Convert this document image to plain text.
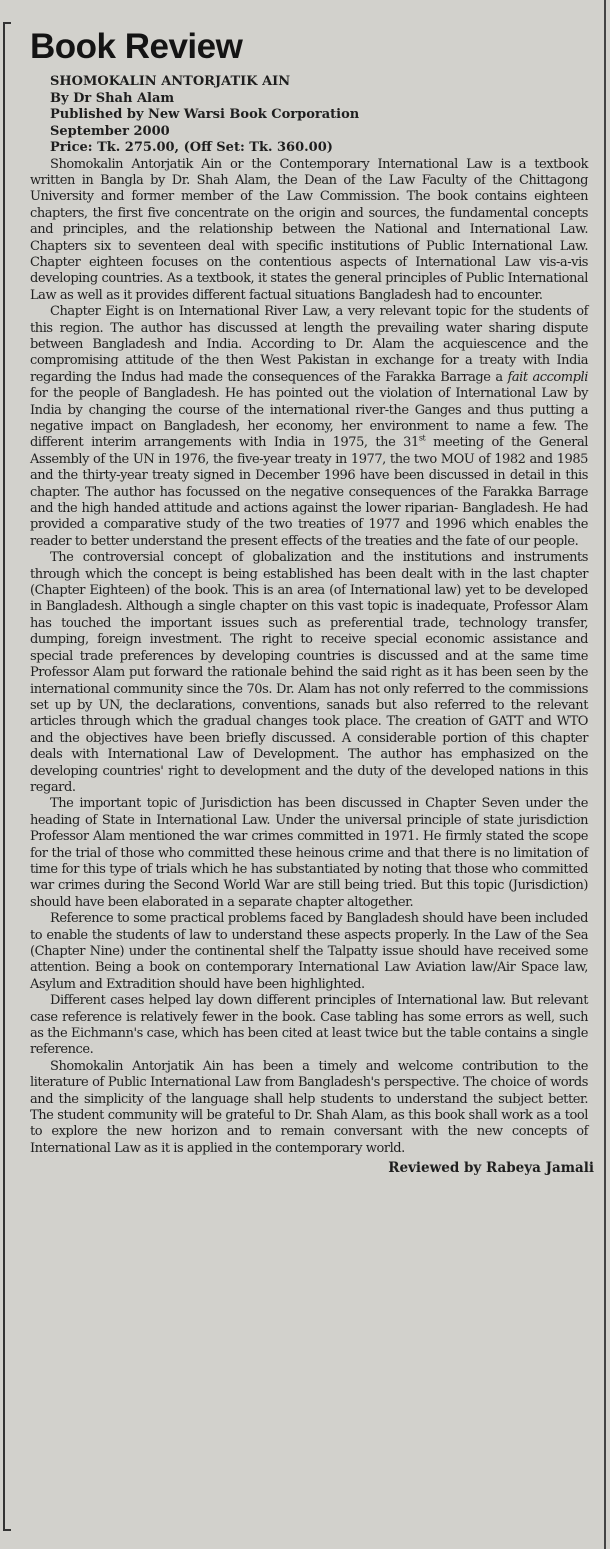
Book Review
SHOMOKALIN ANTORJATIK AIN
By Dr Shah Alam
Published by New Warsi Book Corporation
September 2000
Price: Tk. 275.00, (Off Set: Tk. 360.00)

Shomokalin Antorjatik Ain or the Contemporary International Law is a textbook written in Bangla by Dr. Shah Alam, the Dean of the Law Faculty of the Chittagong University and former member of the Law Commission. The book contains eighteen chapters, the first five concentrate on the origin and sources, the fundamental concepts and principles, and the relationship between the National and International Law. Chapters six to seventeen deal with specific institutions of Public International Law. Chapter eighteen focuses on the contentious aspects of International Law vis-a-vis developing countries. As a textbook, it states the general principles of Public International Law as well as it provides different factual situations Bangladesh had to encounter.

Chapter Eight is on International River Law, a very relevant topic for the students of this region. The author has discussed at length the prevailing water sharing dispute between Bangladesh and India. According to Dr. Alam the acquiescence and the compromising attitude of the then West Pakistan in exchange for a treaty with India regarding the Indus had made the consequences of the Farakka Barrage a fait accompli for the people of Bangladesh. He has pointed out the violation of International Law by India by changing the course of the international river-the Ganges and thus putting a negative impact on Bangladesh, her economy, her environment to name a few. The different interim arrangements with India in 1975, the 31st meeting of the General Assembly of the UN in 1976, the five-year treaty in 1977, the two MOU of 1982 and 1985 and the thirty-year treaty signed in December 1996 have been discussed in detail in this chapter. The author has focussed on the negative consequences of the Farakka Barrage and the high handed attitude and actions against the lower riparian- Bangladesh. He had provided a comparative study of the two treaties of 1977 and 1996 which enables the reader to better understand the present effects of the treaties and the fate of our people.

The controversial concept of globalization and the institutions and instruments through which the concept is being established has been dealt with in the last chapter (Chapter Eighteen) of the book. This is an area (of International law) yet to be developed in Bangladesh. Although a single chapter on this vast topic is inadequate, Professor Alam has touched the important issues such as preferential trade, technology transfer, dumping, foreign investment. The right to receive special economic assistance and special trade preferences by developing countries is discussed and at the same time Professor Alam put forward the rationale behind the said right as it has been seen by the international community since the 70s. Dr. Alam has not only referred to the commissions set up by UN, the declarations, conventions, sanads but also referred to the relevant articles through which the gradual changes took place. The creation of GATT and WTO and the objectives have been briefly discussed. A considerable portion of this chapter deals with International Law of Development. The author has emphasized on the developing countries' right to development and the duty of the developed nations in this regard.

The important topic of Jurisdiction has been discussed in Chapter Seven under the heading of State in International Law. Under the universal principle of state jurisdiction Professor Alam mentioned the war crimes committed in 1971. He firmly stated the scope for the trial of those who committed these heinous crime and that there is no limitation of time for this type of trials which he has substantiated by noting that those who committed war crimes during the Second World War are still being tried. But this topic (Jurisdiction) should have been elaborated in a separate chapter altogether.

Reference to some practical problems faced by Bangladesh should have been included to enable the students of law to understand these aspects properly. In the Law of the Sea (Chapter Nine) under the continental shelf the Talpatty issue should have received some attention. Being a book on contemporary International Law Aviation law/Air Space law, Asylum and Extradition should have been highlighted.

Different cases helped lay down different principles of International law. But relevant case reference is relatively fewer in the book. Case tabling has some errors as well, such as the Eichmann's case, which has been cited at least twice but the table contains a single reference.

Shomokalin Antorjatik Ain has been a timely and welcome contribution to the literature of Public International Law from Bangladesh's perspective. The choice of words and the simplicity of the language shall help students to understand the subject better. The student community will be grateful to Dr. Shah Alam, as this book shall work as a tool to explore the new horizon and to remain conversant with the new concepts of International Law as it is applied in the contemporary world.

Reviewed by Rabeya Jamali
